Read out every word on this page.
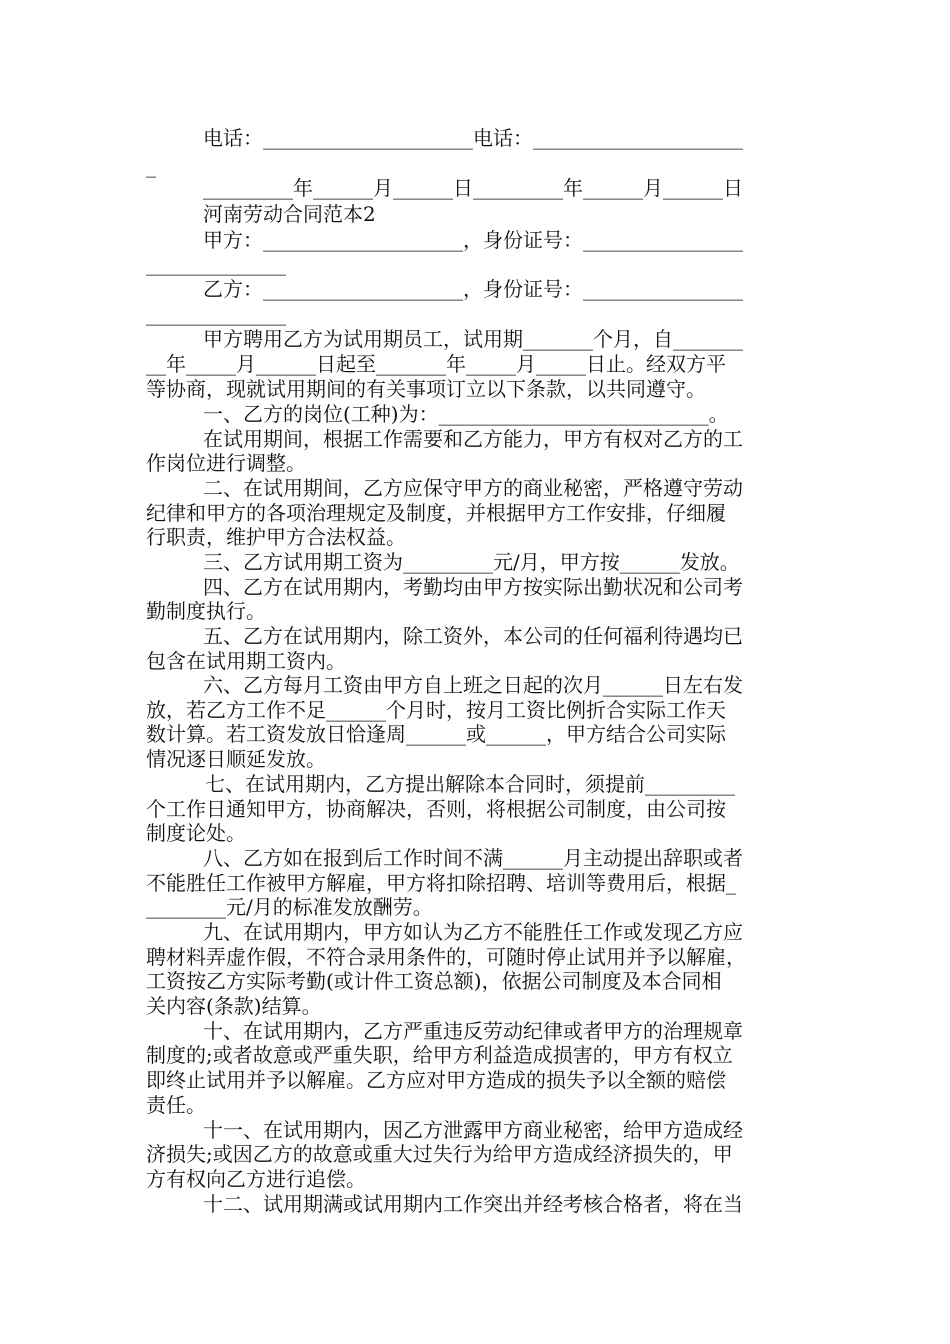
电话：_____________________电话：_____________________
_
_________年______月______日_________年______月______日
河南劳动合同范本2
甲方：____________________，身份证号：________________
______________
乙方：____________________，身份证号：________________
______________
甲方聘用乙方为试用期员工，试用期_______个月，自_______
__年_____月______日起至_______年_____月_____日止。经双方平
等协商，现就试用期间的有关事项订立以下条款，以共同遵守。
一、乙方的岗位(工种)为：___________________________。
在试用期间，根据工作需要和乙方能力，甲方有权对乙方的工
作岗位进行调整。
二、在试用期间，乙方应保守甲方的商业秘密，严格遵守劳动
纪律和甲方的各项治理规定及制度，并根据甲方工作安排，仔细履
行职责，维护甲方合法权益。
三、乙方试用期工资为_________元/月，甲方按______发放。
四、乙方在试用期内，考勤均由甲方按实际出勤状况和公司考
勤制度执行。
五、乙方在试用期内，除工资外，本公司的任何福利待遇均已
包含在试用期工资内。
六、乙方每月工资由甲方自上班之日起的次月______日左右发
放，若乙方工作不足______个月时，按月工资比例折合实际工作天
数计算。若工资发放日恰逢周______或______，甲方结合公司实际
情况逐日顺延发放。
七、在试用期内，乙方提出解除本合同时，须提前_________
个工作日通知甲方，协商解决，否则，将根据公司制度，由公司按
制度论处。
八、乙方如在报到后工作时间不满______月主动提出辞职或者
不能胜任工作被甲方解雇，甲方将扣除招聘、培训等费用后，根据_
________元/月的标准发放酬劳。
九、在试用期内，甲方如认为乙方不能胜任工作或发现乙方应
聘材料弄虚作假，不符合录用条件的，可随时停止试用并予以解雇，
工资按乙方实际考勤(或计件工资总额)，依据公司制度及本合同相
关内容(条款)结算。
十、在试用期内，乙方严重违反劳动纪律或者甲方的治理规章
制度的;或者故意或严重失职，给甲方利益造成损害的，甲方有权立
即终止试用并予以解雇。乙方应对甲方造成的损失予以全额的赔偿
责任。
十一、在试用期内，因乙方泄露甲方商业秘密，给甲方造成经
济损失;或因乙方的故意或重大过失行为给甲方造成经济损失的，甲
方有权向乙方进行追偿。
十二、试用期满或试用期内工作突出并经考核合格者，将在当
